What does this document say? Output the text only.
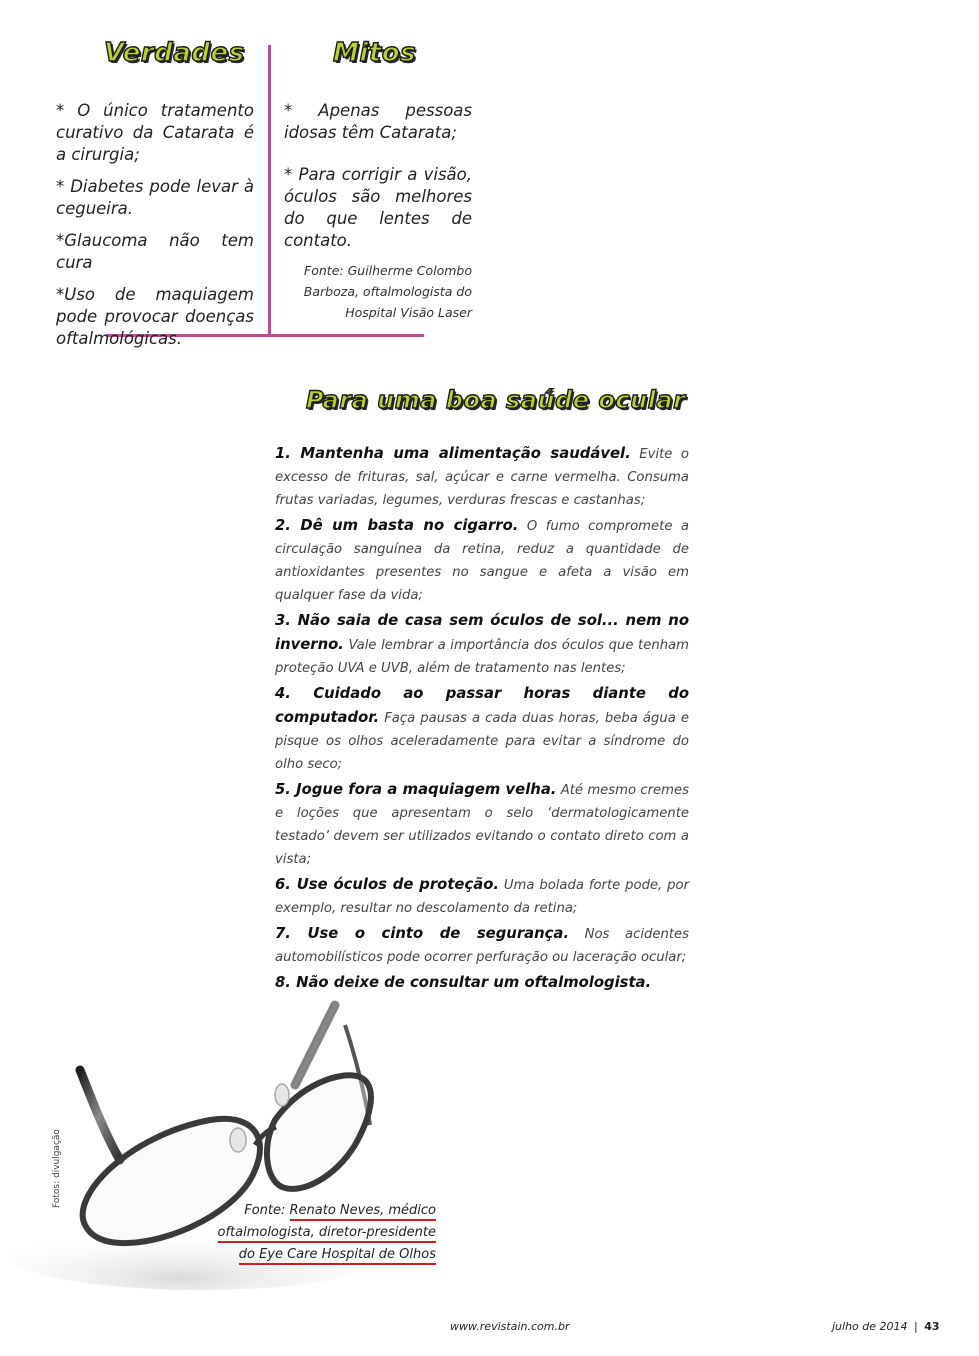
Verdades	Mitos

* O único tratamento curativo da Catarata é a cirurgia;

* Diabetes pode levar à cegueira.

*Glaucoma não tem cura

*Uso de maquiagem pode provocar doenças oftalmológicas.

* Apenas pessoas idosas têm Catarata;

* Para corrigir a visão, óculos são melhores do que lentes de contato.

Fonte: Guilherme Colombo
Barboza, oftalmologista do
Hospital Visão Laser
Para uma boa saúde ocular
1. Mantenha uma alimentação saudável. Evite o excesso de frituras, sal, açúcar e carne vermelha. Consuma frutas variadas, legumes, verduras frescas e castanhas;
2. Dê um basta no cigarro. O fumo compromete a circulação sanguínea da retina, reduz a quantidade de antioxidantes presentes no sangue e afeta a visão em qualquer fase da vida;
3. Não saia de casa sem óculos de sol... nem no inverno. Vale lembrar a importância dos óculos que tenham proteção UVA e UVB, além de tratamento nas lentes;
4. Cuidado ao passar horas diante do computador. Faça pausas a cada duas horas, beba água e pisque os olhos aceleradamente para evitar a síndrome do olho seco;
5. Jogue fora a maquiagem velha. Até mesmo cremes e loções que apresentam o selo ‘dermatologicamente testado’ devem ser utilizados evitando o contato direto com a vista;
6. Use óculos de proteção. Uma bolada forte pode, por exemplo, resultar no descolamento da retina;
7. Use o cinto de segurança. Nos acidentes automobilísticos pode ocorrer perfuração ou laceração ocular;
8. Não deixe de consultar um oftalmologista.
Fotos: divulgação
Fonte: Renato Neves, médico
oftalmologista, diretor-presidente
do Eye Care Hospital de Olhos
www.revistain.com.br	julho de 2014 | 43
